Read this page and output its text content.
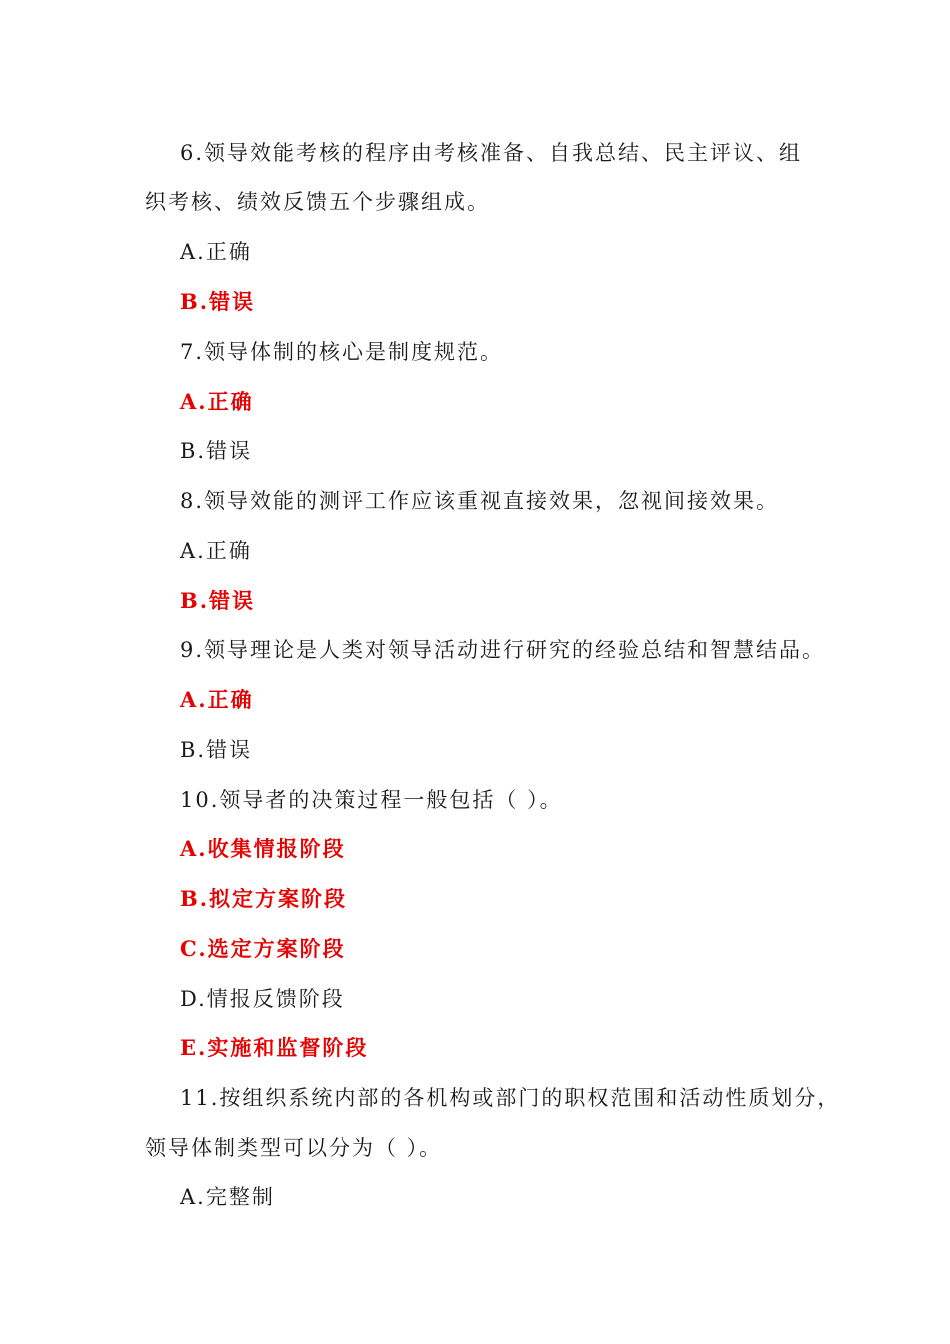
6.领导效能考核的程序由考核准备、自我总结、民主评议、组
织考核、绩效反馈五个步骤组成。
A.正确
B.错误
7.领导体制的核心是制度规范。
A.正确
B.错误
8.领导效能的测评工作应该重视直接效果，忽视间接效果。
A.正确
B.错误
9.领导理论是人类对领导活动进行研究的经验总结和智慧结品。
A.正确
B.错误
10.领导者的决策过程一般包括（ ）。
A.收集情报阶段
B.拟定方案阶段
C.选定方案阶段
D.情报反馈阶段
E.实施和监督阶段
11.按组织系统内部的各机构或部门的职权范围和活动性质划分，
领导体制类型可以分为（ ）。
A.完整制
